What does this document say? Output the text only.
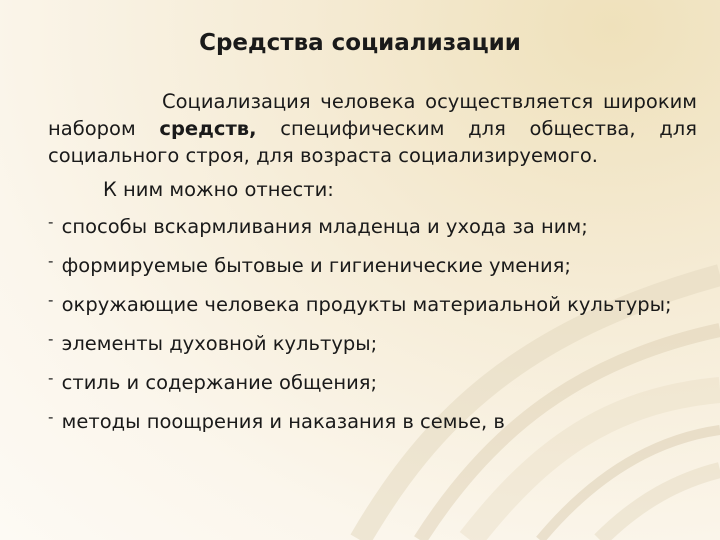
Средства социализации

Социализация человека осуществляется широким набором средств, специфическим для общества, для социального строя, для возраста социализируемого.

К ним можно отнести:

- способы вскармливания младенца и ухода за ним;
- формируемые бытовые и гигиенические умения;
- окружающие человека продукты материальной культуры;
- элементы духовной культуры;
- стиль и содержание общения;
- методы поощрения и наказания в семье, в
